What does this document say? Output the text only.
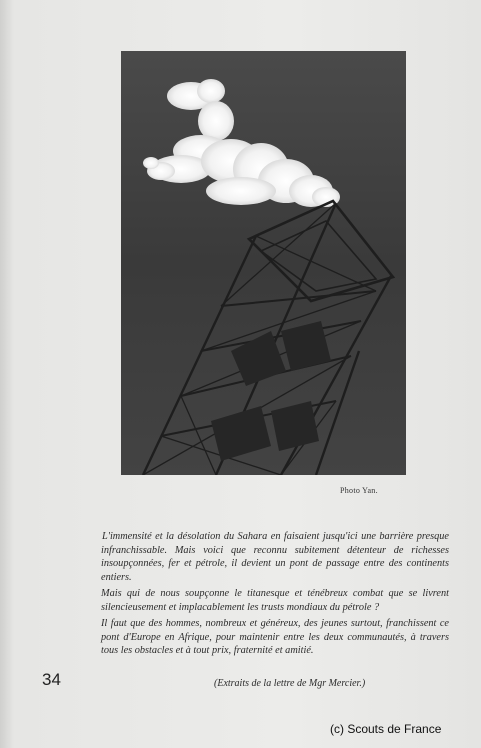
Photo Yan.

L'immensité et la désolation du Sahara en faisaient jusqu'ici une barrière presque infranchissable. Mais voici que reconnu subitement détenteur de richesses insoupçonnées, fer et pétrole, il devient un pont de passage entre des continents entiers.

Mais qui de nous soupçonne le titanesque et ténébreux combat que se livrent silencieusement et implacablement les trusts mondiaux du pétrole ?

Il faut que des hommes, nombreux et généreux, des jeunes surtout, franchissent ce pont d'Europe en Afrique, pour maintenir entre les deux communautés, à travers tous les obstacles et à tout prix, fraternité et amitié.

(Extraits de la lettre de Mgr Mercier.)
34
(c) Scouts de France
